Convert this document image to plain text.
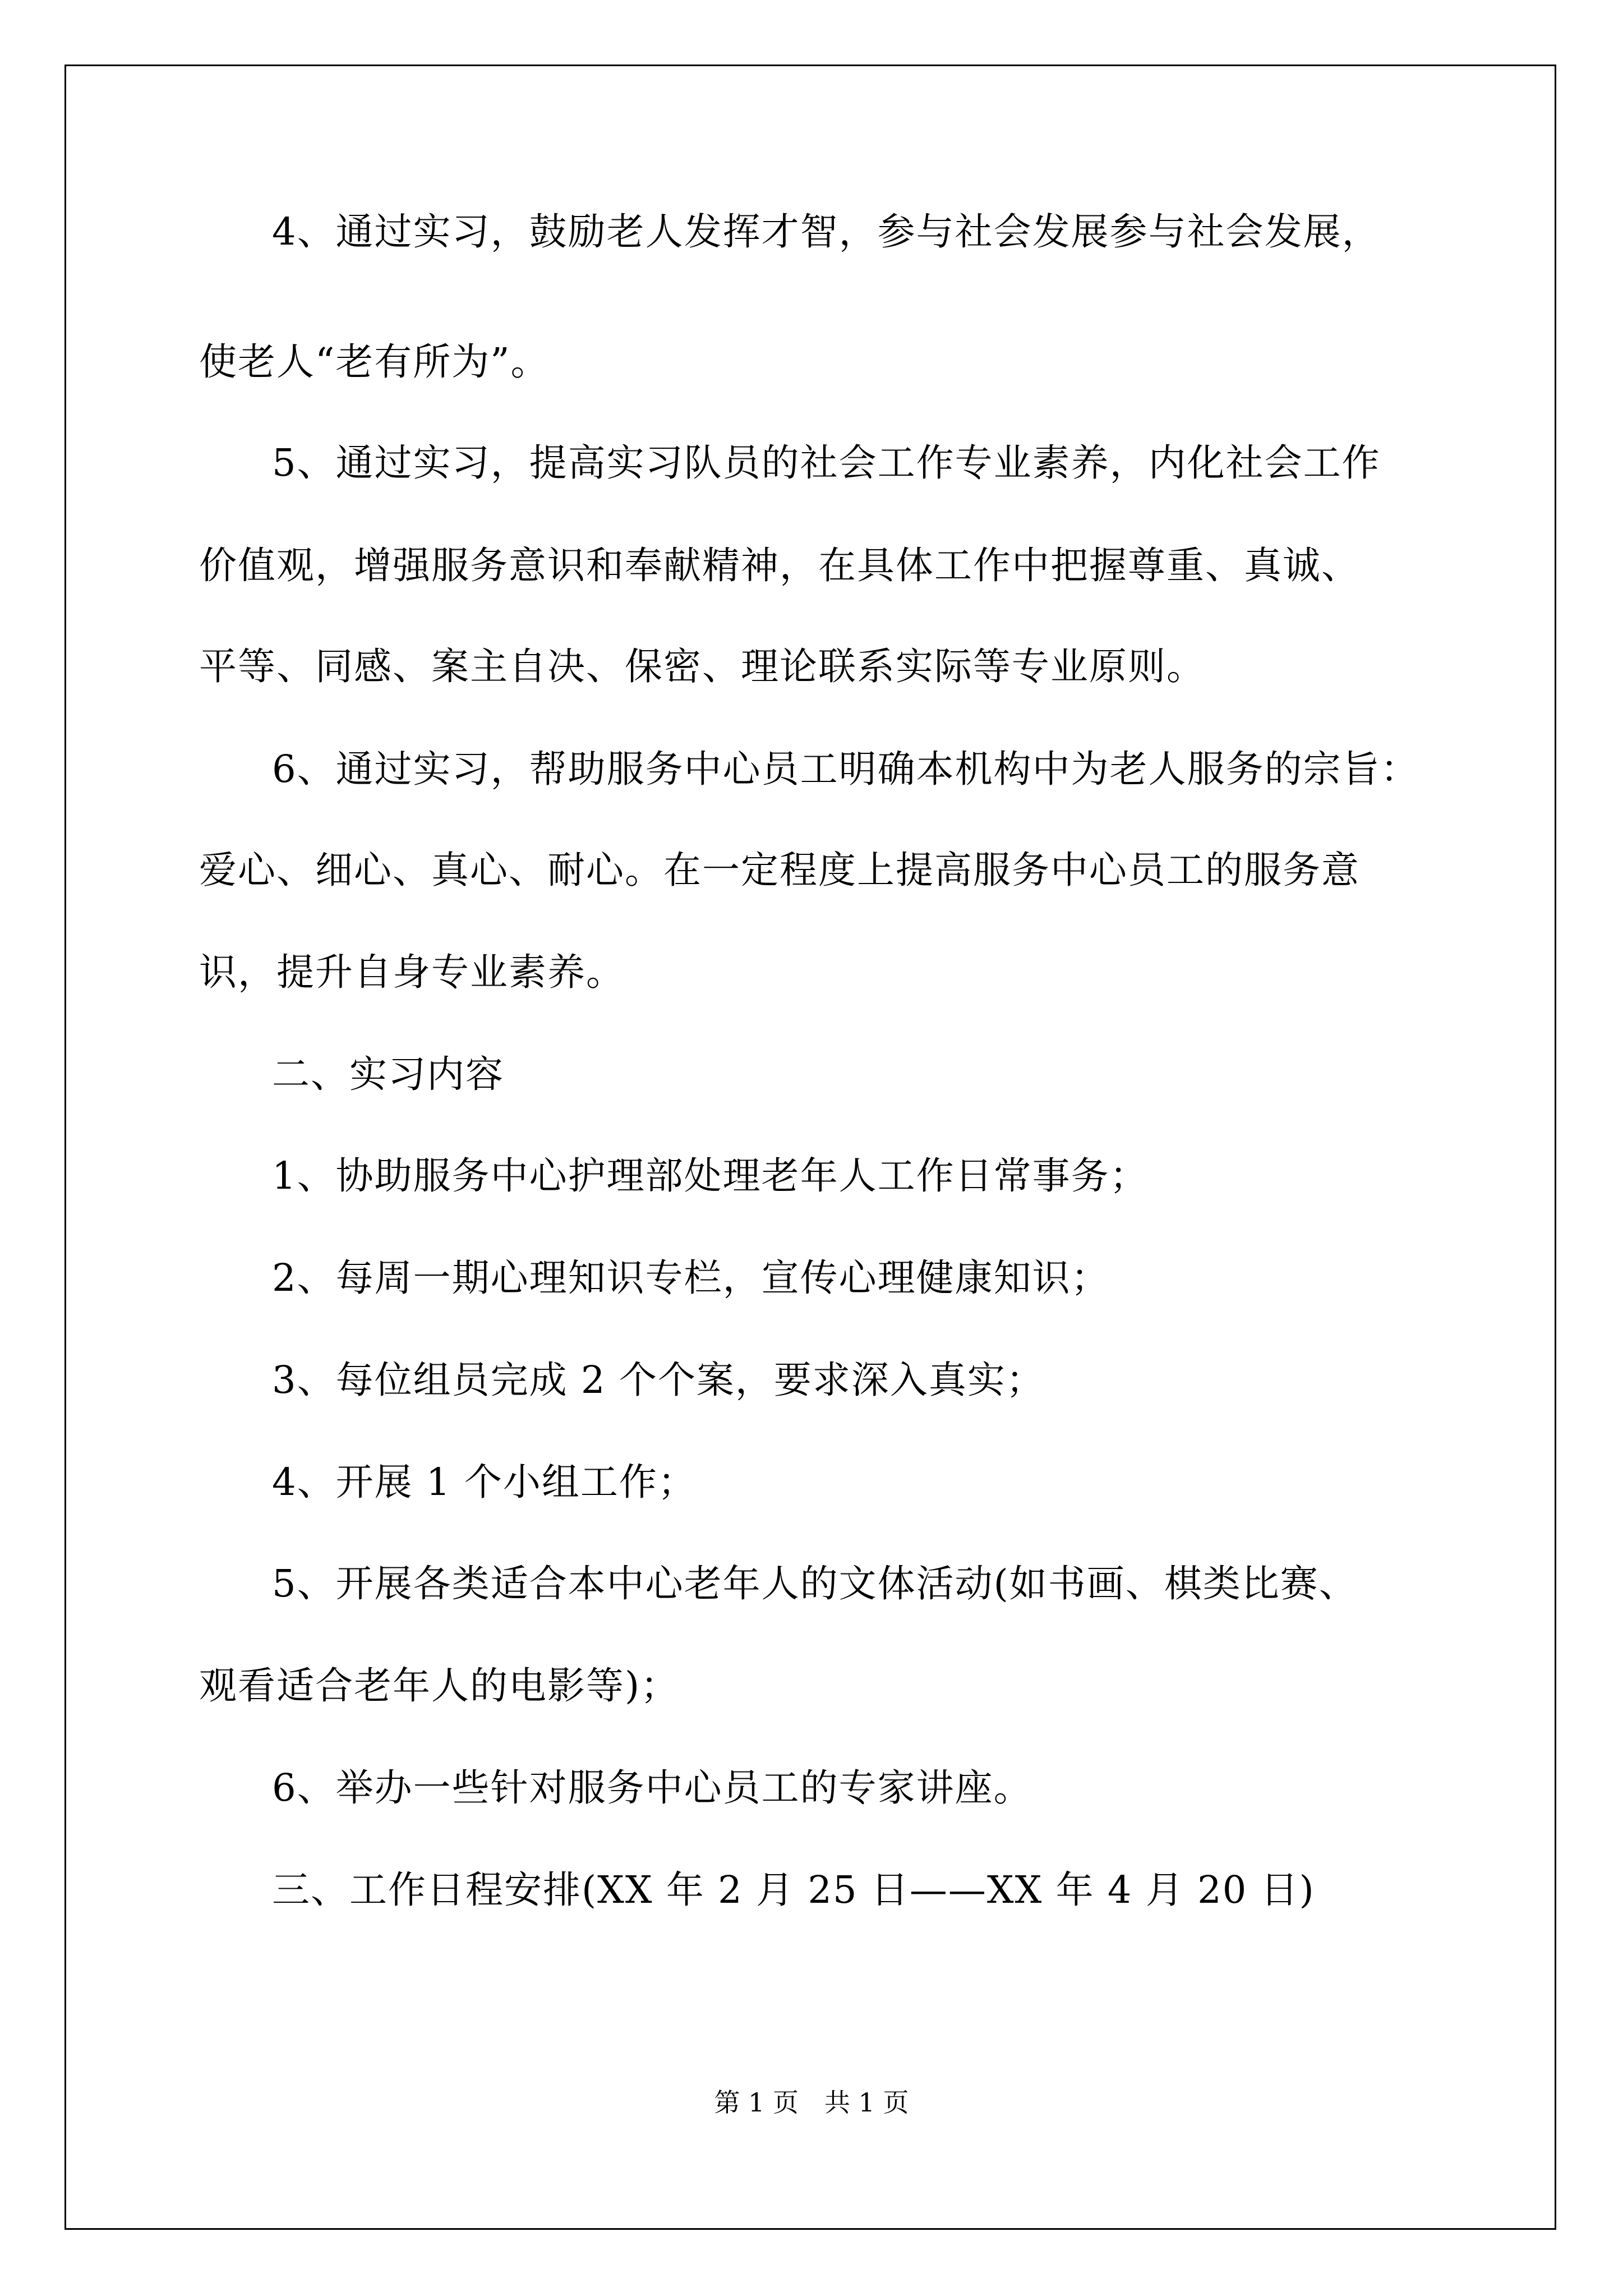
4、通过实习，鼓励老人发挥才智，参与社会发展参与社会发展，
使老人“老有所为”。
5、通过实习，提高实习队员的社会工作专业素养，内化社会工作
价值观，增强服务意识和奉献精神，在具体工作中把握尊重、真诚、
平等、同感、案主自决、保密、理论联系实际等专业原则。
6、通过实习，帮助服务中心员工明确本机构中为老人服务的宗旨：
爱心、细心、真心、耐心。在一定程度上提高服务中心员工的服务意
识，提升自身专业素养。
二、实习内容
1、协助服务中心护理部处理老年人工作日常事务；
2、每周一期心理知识专栏，宣传心理健康知识；
3、每位组员完成 2 个个案，要求深入真实；
4、开展 1 个小组工作；
5、开展各类适合本中心老年人的文体活动(如书画、棋类比赛、
观看适合老年人的电影等)；
6、举办一些针对服务中心员工的专家讲座。
三、工作日程安排(XX 年 2 月 25 日——XX 年 4 月 20 日)
第 1 页　共 1 页
